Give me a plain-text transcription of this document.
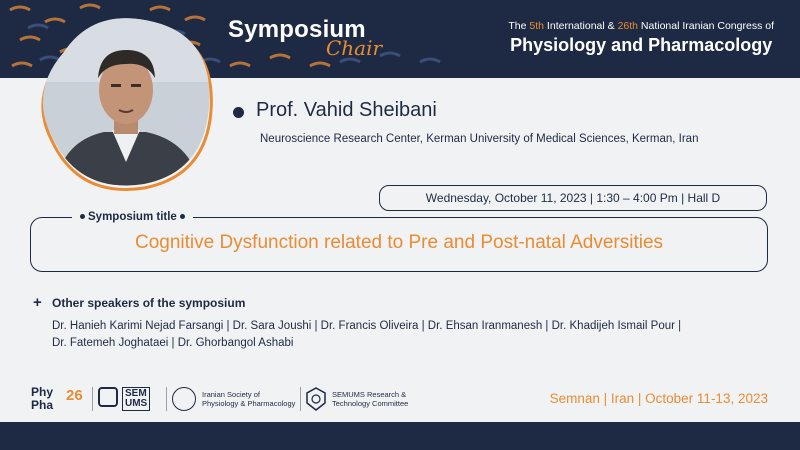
Symposium
Chair
The 5th International & 26th National Iranian Congress of
Physiology and Pharmacology
Prof. Vahid Sheibani
Neuroscience Research Center, Kerman University of Medical Sciences, Kerman, Iran
Wednesday, October 11, 2023 | 1:30 – 4:00 Pm | Hall D
Symposium title
Cognitive Dysfunction related to Pre and Post-natal Adversities
+ Other speakers of the symposium
Dr. Hanieh Karimi Nejad Farsangi | Dr. Sara Joushi | Dr. Francis Oliveira | Dr. Ehsan Iranmanesh | Dr. Khadijeh Ismail Pour |
Dr. Fatemeh Joghataei | Dr. Ghorbangol Ashabi
Phy
Pha
26	SEM
UMS
Iranian Society of
Physiology & Pharmacology
SEMUMS Research &
Technology Committee	Semnan | Iran | October 11-13, 2023
